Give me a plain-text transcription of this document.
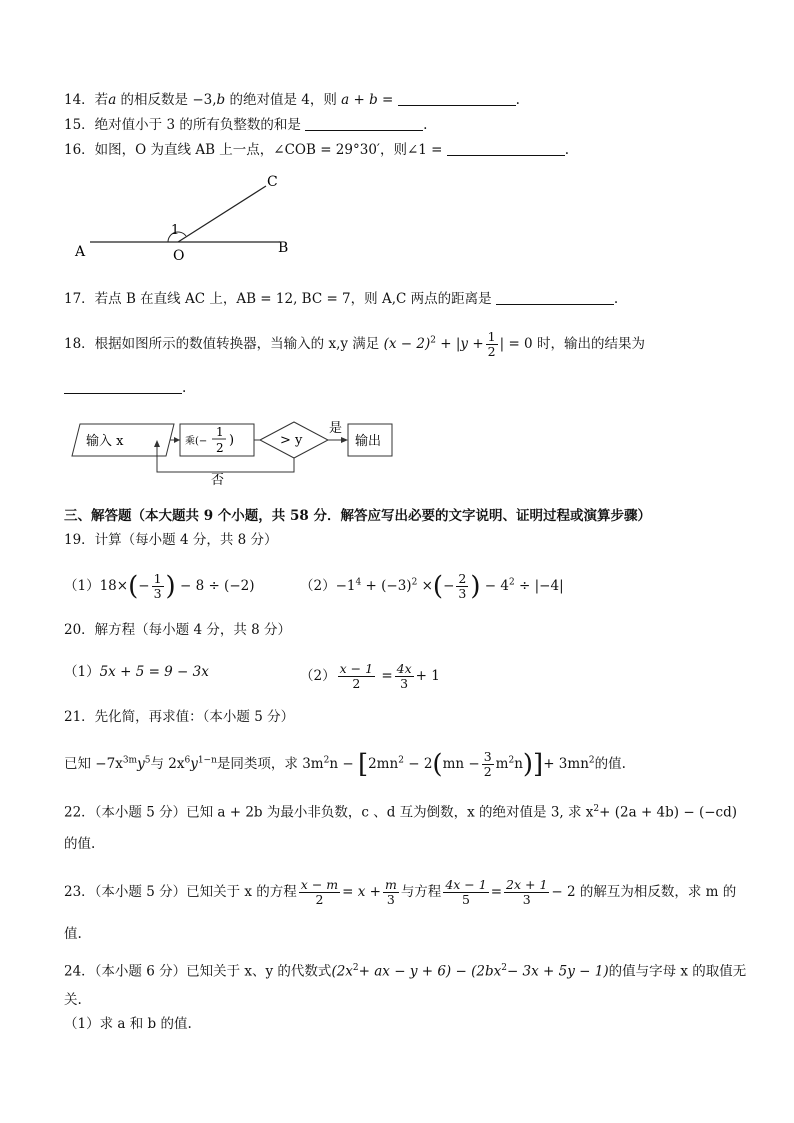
14．若a 的相反数是 −3,b 的绝对值是 4，则 a + b =	.
15．绝对值小于 3 的所有负整数的和是	.
16．如图，O 为直线 AB 上一点，∠COB = 29°30′，则∠1 =	.
A	B
C
O
1
17．若点 B 在直线 AC 上，AB = 12, BC = 7，则 A,C 两点的距离是	.
18．根据如图所示的数值转换器，当输入的 x,y 满足 $(x - 2)^2 + |y + \frac{1}{2}$ | = 0 时，输出的结果为
.
输入 x	乘(−
1
2 )	> y
是
输出
否
三、解答题（本大题共 9 个小题，共 58 分．解答应写出必要的文字说明、证明过程或演算步骤）
19．计算（每小题 4 分，共 8 分）
$(1)18\times(- \frac{1}{3}$ ) − 8 ÷ (−2)	$(2)-1^4 + (-3)^2$ ×(− $\frac{2}{3}$ ) − $4^2 \div |-4|$
20．解方程（每小题 4 分，共 8 分）
（1）5x + 5 = 9 − 3x	$(2) \frac{x - 1}{2} = \frac{4x}{3} + 1$
21．先化简，再求值：（本小题 5 分）
已知 $-7x^{3m}y^5$与 $2x^6y^{1-n}$是同类项，求 $3m^2n - [2mn^2 - 2(mn - \frac{3}{2} m^2n)]+ 3mn^2$的值.
22．（本小题 5 分）已知 a + 2b 为最小非负数，c 、d 互为倒数，x 的绝对值是 3, 求 $x^2+ (2a + 4b) - (-cd)$
的值.
23．（本小题 5 分）已知关于 x 的方程 $\frac{x - m}{2} = x + \frac{m}{3}$ 与方程 $\frac{4x - 1}{5} = \frac{2x + 1}{3} - 2$ 的解互为相反数，求 m 的
值.
24．（本小题 6 分）已知关于 x、y 的代数式($2x^2+$ ax − $y + 6) - (2bx^2- 3x + 5y - 1)$的值与字母 x 的取值无
关.
（1）求 a 和 b 的值.
